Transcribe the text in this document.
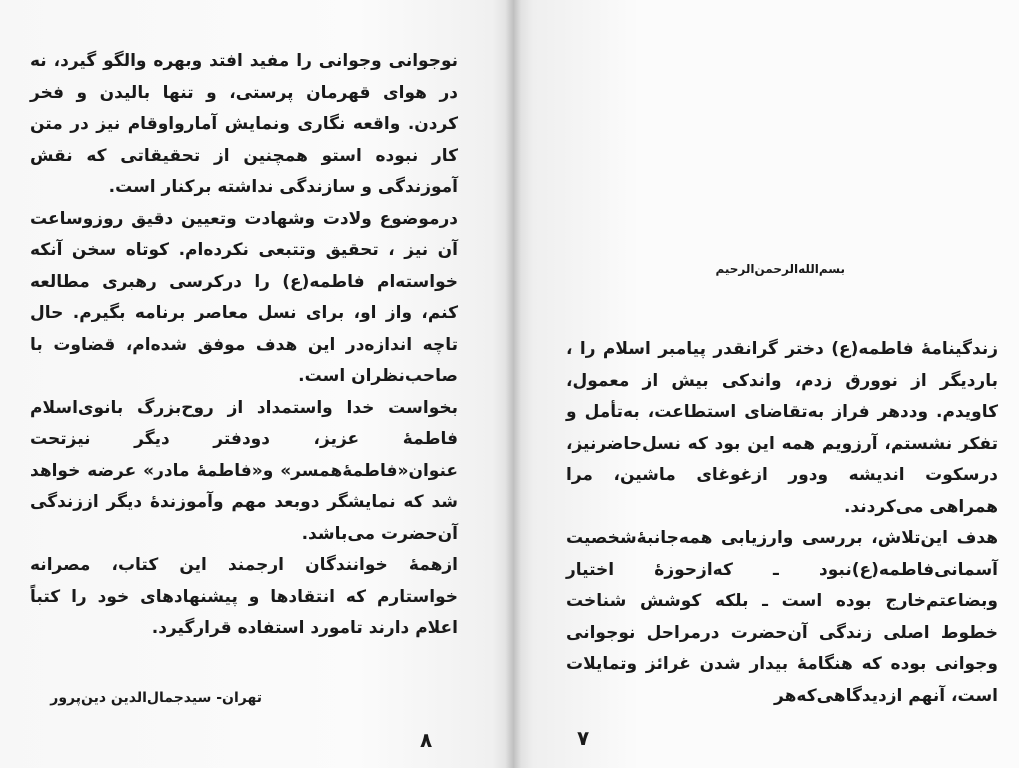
نوجوانی وجوانی را مفید افتد وبهره والگو گیرد، نه در هوای قهرمان پرستی، و تنها بالیدن و فخر کردن. واقعه نگاری ونمایش آمارواوقام نیز در متن کار نبوده استو همچنین از تحقیقاتی که نقش آموزندگی و سازندگی نداشته برکنار است.

درموضوع ولادت وشهادت وتعیین دقیق روزوساعت آن نیز ، تحقیق وتتبعی نکرده‌ام. کوتاه سخن آنکه خواسته‌ام فاطمه(ع) را درکرسی رهبری مطالعه کنم، واز او، برای نسل معاصر برنامه بگیرم. حال تاچه اندازه‌در این هدف موفق شده‌ام، قضاوت با صاحب‌نظران است.

بخواست خدا واستمداد از روح‌بزرگ بانوی‌اسلام فاطمهٔ عزیز، دودفتر دیگر نیزتحت عنوان«فاطمهٔ‌همسر» و«فاطمهٔ مادر» عرضه خواهد شد که نمایشگر دوبعد مهم وآموزندهٔ دیگر اززندگی آن‌حضرت می‌باشد.

ازهمهٔ خوانندگان ارجمند این کتاب، مصرانه خواستارم که انتقادها و پیشنهادهای خود را کتباً اعلام دارند تامورد استفاده قرارگیرد.

تهران- سیدجمال‌الدین دین‌پرور
۸
بسم‌الله‌الرحمن‌الرحیم

زندگینامهٔ فاطمه(ع) دختر گرانقدر پیامبر اسلام را ، باردیگر از نوورق زدم، واندکی بیش از معمول، کاویدم. وددهر فراز به‌تقاضای استطاعت، به‌تأمل و تفکر نشستم، آرزویم همه این بود که نسل‌حاضر‌نیز، درسکوت اندیشه ودور ازغوغای ماشین، مرا همراهی می‌کردند.

هدف این‌تلاش، بررسی وارزیابی همه‌جانبهٔ‌شخصیت آسمانی‌فاطمه(ع)نبود ـ که‌ازحوزهٔ اختیار وبضاعتم‌خارج بوده است ـ بلکه کوشش شناخت خطوط اصلی زندگی آن‌حضرت درمراحل نوجوانی وجوانی بوده که هنگامهٔ بیدار شدن غرائز وتمایلات است، آنهم ازدیدگاهی‌که‌هر

۷
